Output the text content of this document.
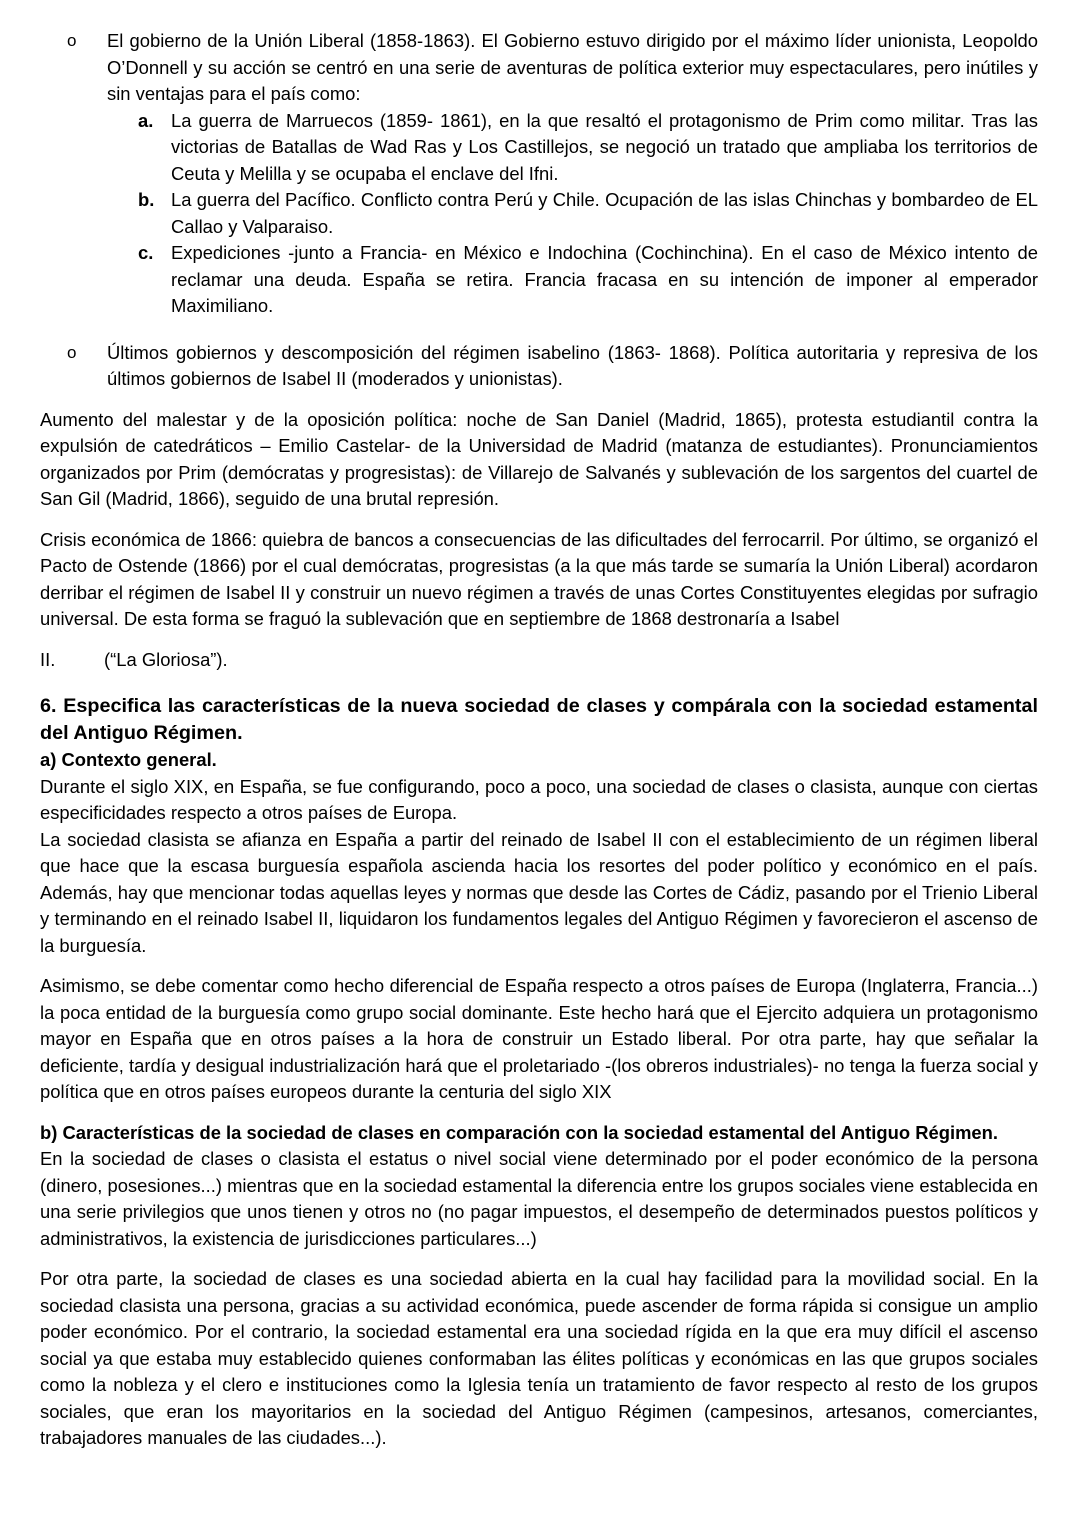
o El gobierno de la Unión Liberal (1858-1863). El Gobierno estuvo dirigido por el máximo líder unionista, Leopoldo O’Donnell y su acción se centró en una serie de aventuras de política exterior muy espectaculares, pero inútiles y sin ventajas para el país como:

a. La guerra de Marruecos (1859- 1861), en la que resaltó el protagonismo de Prim como militar. Tras las victorias de Batallas de Wad Ras y Los Castillejos, se negoció un tratado que ampliaba los territorios de Ceuta y Melilla y se ocupaba el enclave del Ifni.

b. La guerra del Pacífico. Conflicto contra Perú y Chile. Ocupación de las islas Chinchas y bombardeo de EL Callao y Valparaiso.

c. Expediciones -junto a Francia- en México e Indochina (Cochinchina). En el caso de México intento de reclamar una deuda. España se retira. Francia fracasa en su intención de imponer al emperador Maximiliano.

o Últimos gobiernos y descomposición del régimen isabelino (1863- 1868). Política autoritaria y represiva de los últimos gobiernos de Isabel II (moderados y unionistas).

Aumento del malestar y de la oposición política: noche de San Daniel (Madrid, 1865), protesta estudiantil contra la expulsión de catedráticos – Emilio Castelar- de la Universidad de Madrid (matanza de estudiantes). Pronunciamientos organizados por Prim (demócratas y progresistas): de Villarejo de Salvanés y sublevación de los sargentos del cuartel de San Gil (Madrid, 1866), seguido de una brutal represión.

Crisis económica de 1866: quiebra de bancos a consecuencias de las dificultades del ferrocarril. Por último, se organizó el Pacto de Ostende (1866) por el cual demócratas, progresistas (a la que más tarde se sumaría la Unión Liberal) acordaron derribar el régimen de Isabel II y construir un nuevo régimen a través de unas Cortes Constituyentes elegidas por sufragio universal. De esta forma se fraguó la sublevación que en septiembre de 1868 destronaría a Isabel

II.	(“La Gloriosa”).

6. Especifica las características de la nueva sociedad de clases y compárala con la sociedad estamental del Antiguo Régimen.

a) Contexto general.

Durante el siglo XIX, en España, se fue configurando, poco a poco, una sociedad de clases o clasista, aunque con ciertas especificidades respecto a otros países de Europa.

La sociedad clasista se afianza en España a partir del reinado de Isabel II con el establecimiento de un régimen liberal que hace que la escasa burguesía española ascienda hacia los resortes del poder político y económico en el país. Además, hay que mencionar todas aquellas leyes y normas que desde las Cortes de Cádiz, pasando por el Trienio Liberal y terminando en el reinado Isabel II, liquidaron los fundamentos legales del Antiguo Régimen y favorecieron el ascenso de la burguesía.

Asimismo, se debe comentar como hecho diferencial de España respecto a otros países de Europa (Inglaterra, Francia...) la poca entidad de la burguesía como grupo social dominante. Este hecho hará que el Ejercito adquiera un protagonismo mayor en España que en otros países a la hora de construir un Estado liberal. Por otra parte, hay que señalar la deficiente, tardía y desigual industrialización hará que el proletariado -(los obreros industriales)- no tenga la fuerza social y política que en otros países europeos durante la centuria del siglo XIX

b) Características de la sociedad de clases en comparación con la sociedad estamental del Antiguo Régimen.

En la sociedad de clases o clasista el estatus o nivel social viene determinado por el poder económico de la persona (dinero, posesiones...) mientras que en la sociedad estamental la diferencia entre los grupos sociales viene establecida en una serie privilegios que unos tienen y otros no (no pagar impuestos, el desempeño de determinados puestos políticos y administrativos, la existencia de jurisdicciones particulares...)

Por otra parte, la sociedad de clases es una sociedad abierta en la cual hay facilidad para la movilidad social. En la sociedad clasista una persona, gracias a su actividad económica, puede ascender de forma rápida si consigue un amplio poder económico. Por el contrario, la sociedad estamental era una sociedad rígida en la que era muy difícil el ascenso social ya que estaba muy establecido quienes conformaban las élites políticas y económicas en las que grupos sociales como la nobleza y el clero e instituciones como la Iglesia tenía un tratamiento de favor respecto al resto de los grupos sociales, que eran los mayoritarios en la sociedad del Antiguo Régimen (campesinos, artesanos, comerciantes, trabajadores manuales de las ciudades...).
